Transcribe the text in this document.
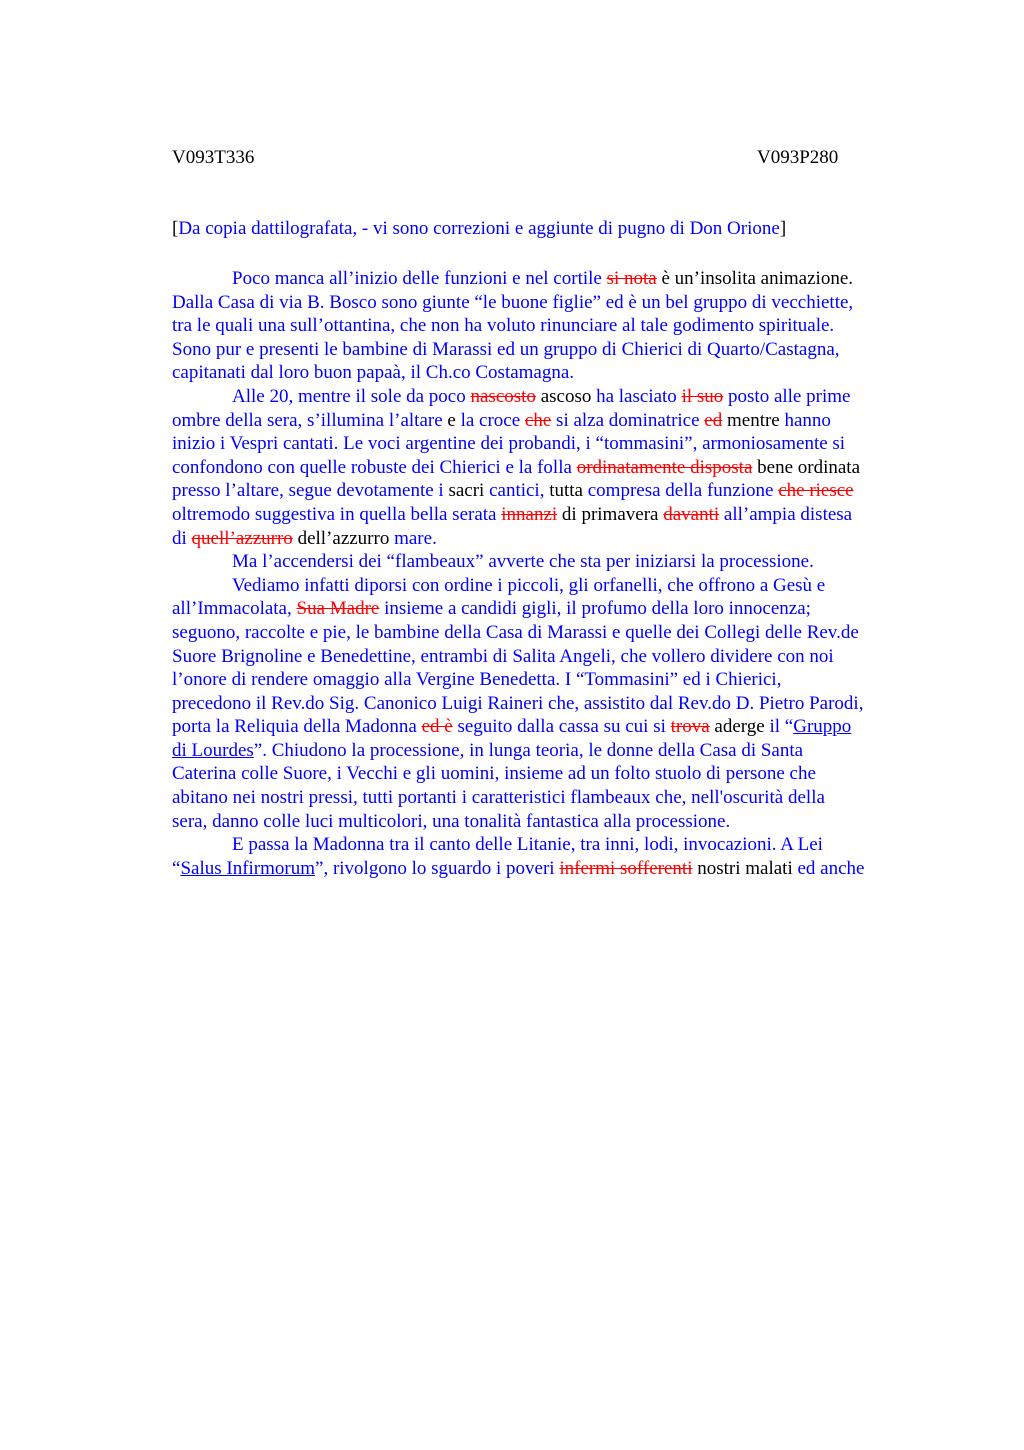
V093T336	V093P280
[Da copia dattilografata, - vi sono correzioni e aggiunte di pugno di Don Orione]
Poco manca all’inizio delle funzioni e nel cortile si nota è un’insolita animazione.
Dalla Casa di via B. Bosco sono giunte “le buone figlie” ed è un bel gruppo di vecchiette,
tra le quali una sull’ottantina, che non ha voluto rinunciare al tale godimento spirituale.
Sono pur e presenti le bambine di Marassi ed un gruppo di Chierici di Quarto/Castagna,
capitanati dal loro buon papaà, il Ch.co Costamagna.
Alle 20, mentre il sole da poco nascosto ascoso ha lasciato il suo posto alle prime
ombre della sera, s’illumina l’altare e la croce che si alza dominatrice ed mentre hanno
inizio i Vespri cantati. Le voci argentine dei probandi, i “tommasini”, armoniosamente si
confondono con quelle robuste dei Chierici e la folla ordinatamente disposta bene ordinata
presso l’altare, segue devotamente i sacri cantici, tutta compresa della funzione che riesce
oltremodo suggestiva in quella bella serata innanzi di primavera davanti all’ampia distesa
di quell’azzurro dell’azzurro mare.
Ma l’accendersi dei “flambeaux” avverte che sta per iniziarsi la processione.
Vediamo infatti diporsi con ordine i piccoli, gli orfanelli, che offrono a Gesù e
all’Immacolata, Sua Madre insieme a candidi gigli, il profumo della loro innocenza;
seguono, raccolte e pie, le bambine della Casa di Marassi e quelle dei Collegi delle Rev.de
Suore Brignoline e Benedettine, entrambi di Salita Angeli, che vollero dividere con noi
l’onore di rendere omaggio alla Vergine Benedetta. I “Tommasini” ed i Chierici,
precedono il Rev.do Sig. Canonico Luigi Raineri che, assistito dal Rev.do D. Pietro Parodi,
porta la Reliquia della Madonna ed è seguito dalla cassa su cui si trova aderge il “Gruppo
di Lourdes”. Chiudono la processione, in lunga teoria, le donne della Casa di Santa
Caterina colle Suore, i Vecchi e gli uomini, insieme ad un folto stuolo di persone che
abitano nei nostri pressi, tutti portanti i caratteristici flambeaux che, nell'oscurità della
sera, danno colle luci multicolori, una tonalità fantastica alla processione.
E passa la Madonna tra il canto delle Litanie, tra inni, lodi, invocazioni. A Lei
“Salus Infirmorum”, rivolgono lo sguardo i poveri infermi sofferenti nostri malati ed anche
